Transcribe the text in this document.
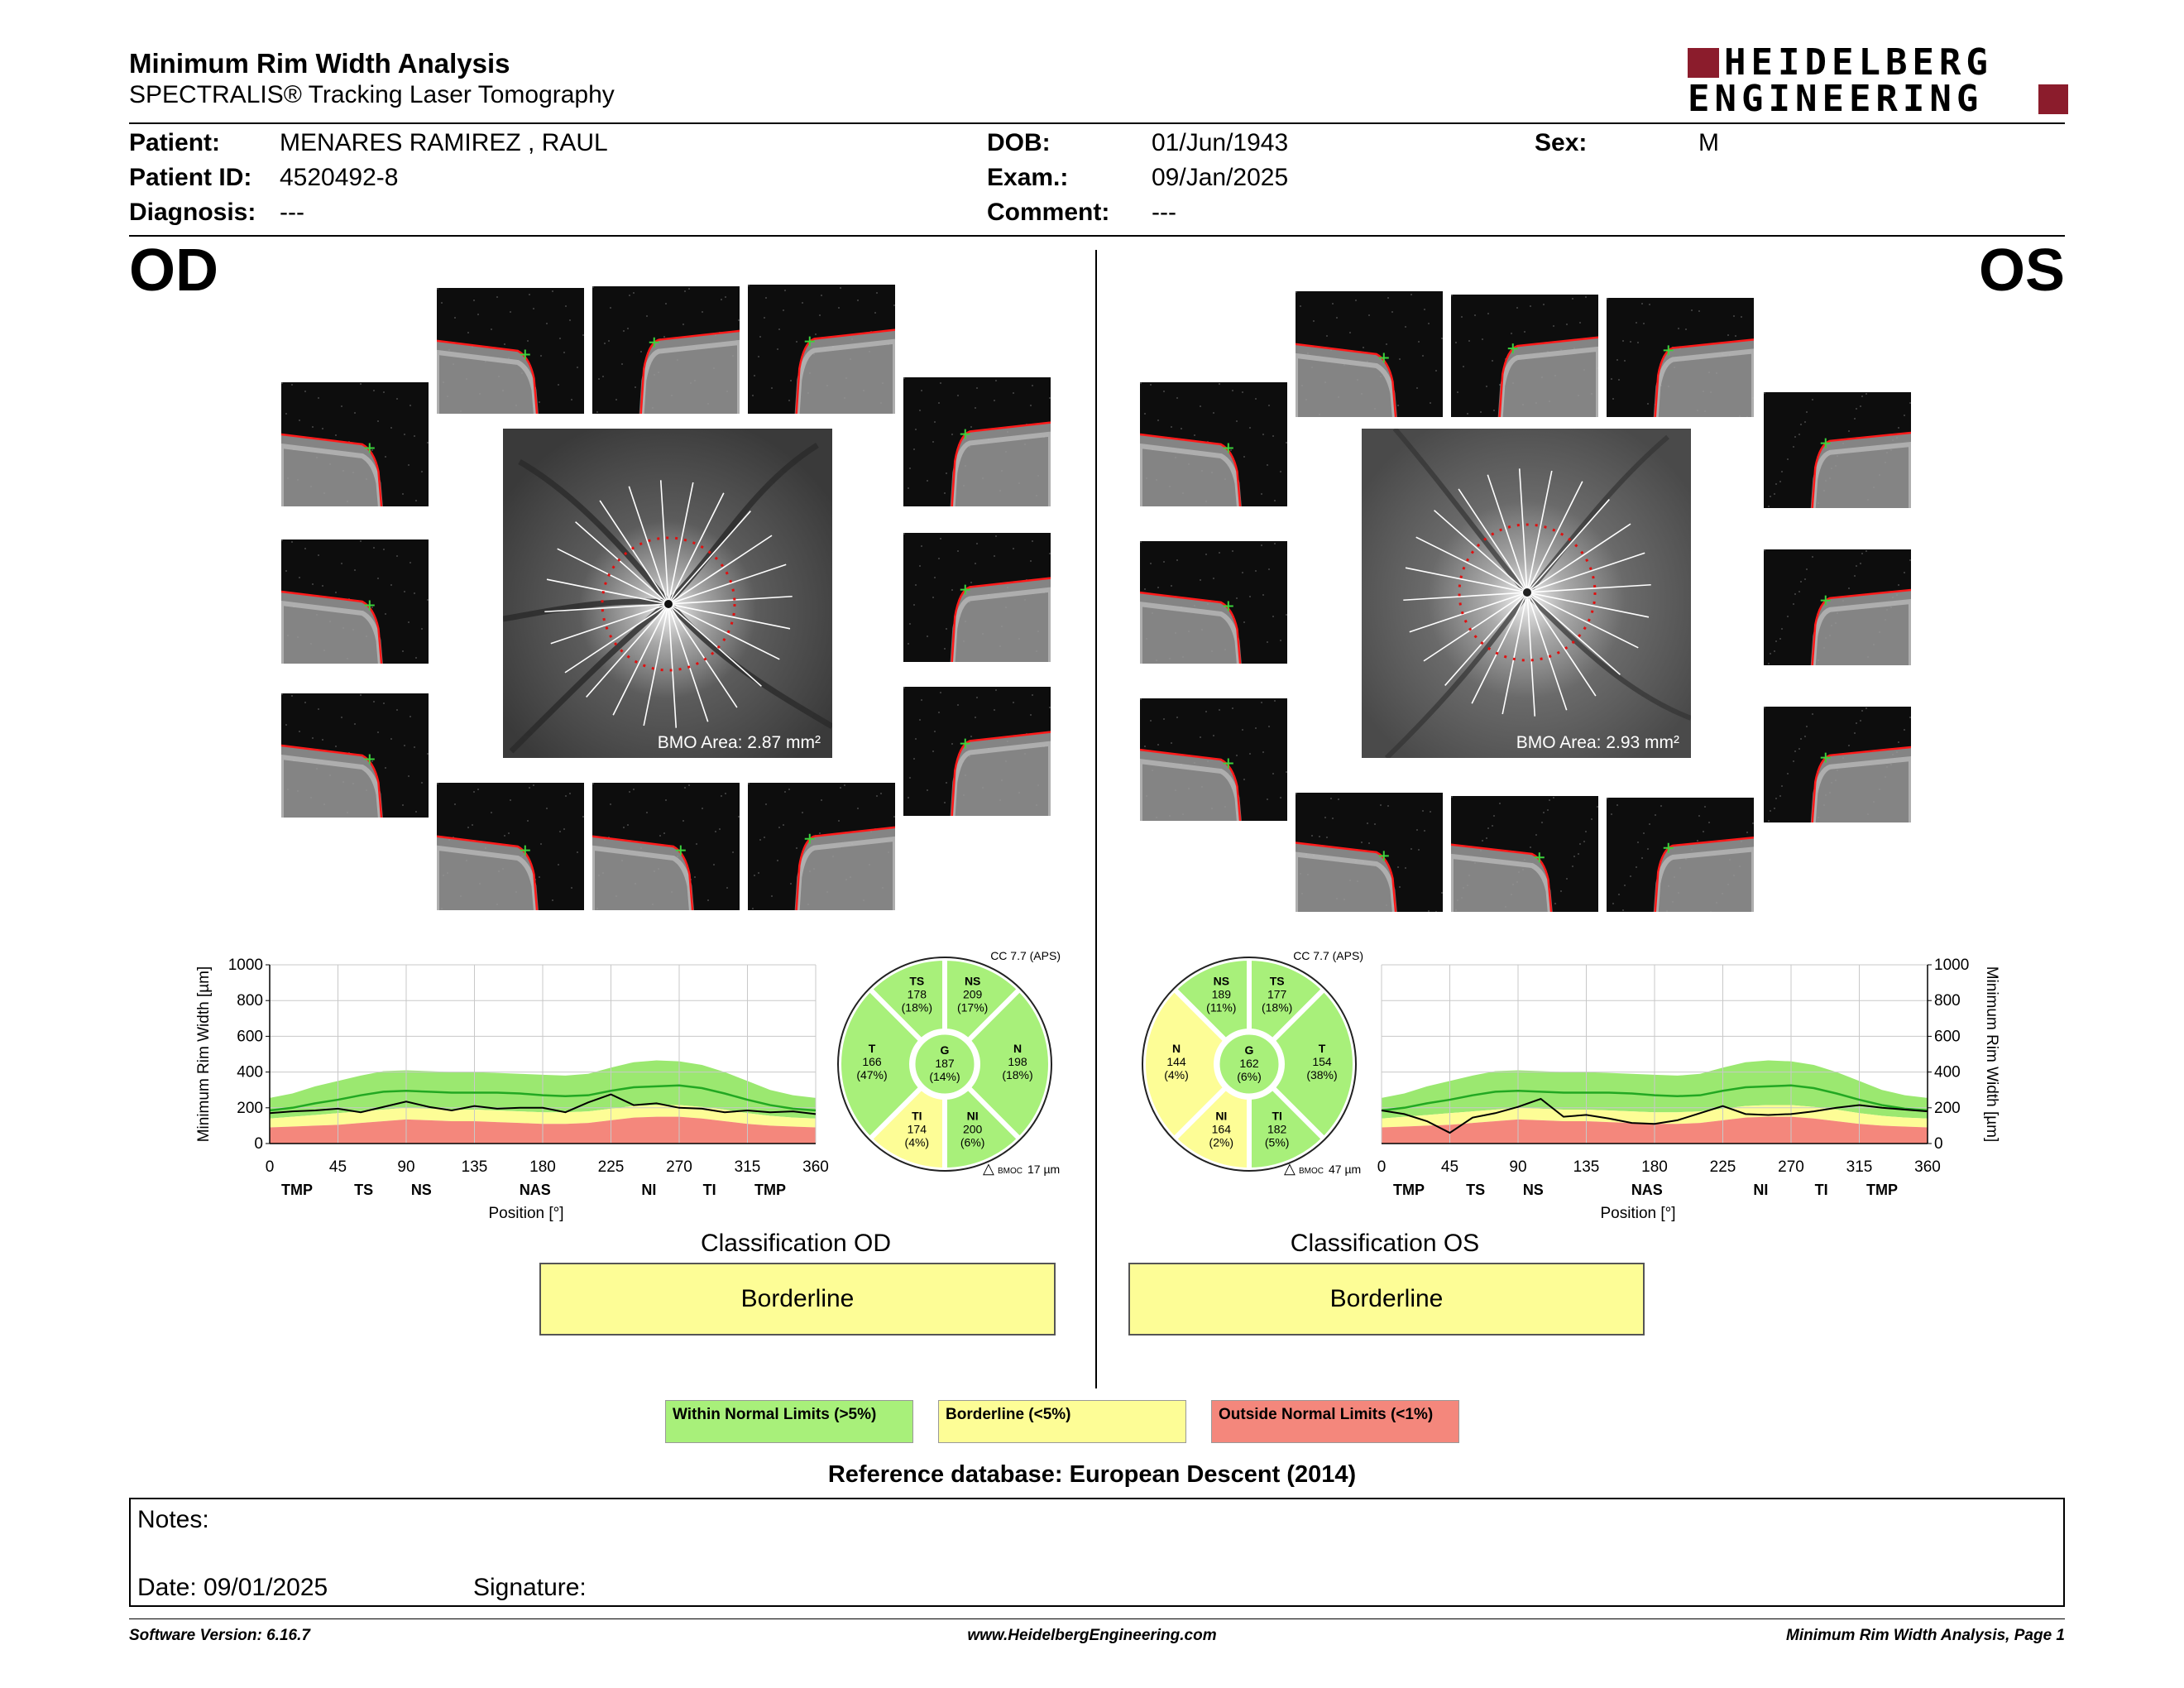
Minimum Rim Width Analysis
SPECTRALIS® Tracking Laser Tomography
HEIDELBERG
ENGINEERING
Patient: MENARES RAMIREZ , RAUL
Patient ID: 4520492-8
Diagnosis: ---
DOB:	01/Jun/1943
Exam.:	09/Jan/2025
Comment: ---
Sex:	M
OD	OS
BMO Area: 2.87 mm²	BMO Area: 2.93 mm²
0
200
400
600
800
1000
0	45	90	135	180	225	270	315	360
TMP	TS	NS	NAS	NI	TI	TMP
Position [°]
Minimum Rim Width [µm]
0
200
400
600
800
1000
0	45	90	135	180	225	270	315	360
TMP	TS	NS	NAS	NI	TI	TMP
Position [°]
Minimum Rim Width [µm]
CC 7.7 (APS)
TS
178
(18%)
NS
209
(17%)
N
198
(18%)
NI
200
(6%)
TI
174
(4%)
T
166
(47%)
G
187
(14%)
△ BMOC 17 µm
CC 7.7 (APS)
NS
189
(11%)
TS
177
(18%)
T
154
(38%)
TI
182
(5%)
NI
164
(2%)
N
144
(4%)
G
162
(6%)
△ BMOC 47 µm
Classification OD
Borderline
Classification OS
Borderline
Within Normal Limits (>5%)	Borderline (<5%)	Outside Normal Limits (<1%)
Reference database: European Descent (2014)
Notes:
Date: 09/01/2025	Signature:
Software Version: 6.16.7	www.HeidelbergEngineering.com	Minimum Rim Width Analysis, Page 1
